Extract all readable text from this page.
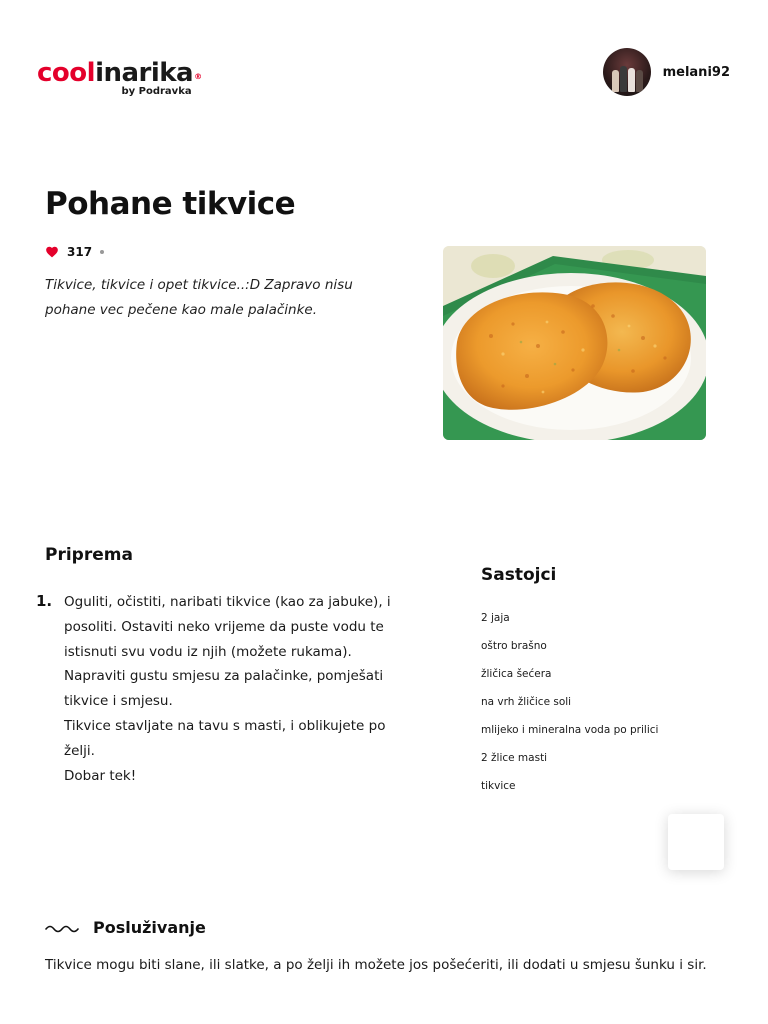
coolinarika®
by Podravka
melani92
Pohane tikvice
317

Tikvice, tikvice i opet tikvice..:D Zapravo nisu pohane vec pečene kao male palačinke.

Priprema
1. Oguliti, očistiti, naribati tikvice (kao za jabuke), i posoliti. Ostaviti neko vrijeme da puste vodu te istisnuti svu vodu iz njih (možete rukama).
Napraviti gustu smjesu za palačinke, pomješati tikvice i smjesu.
Tikvice stavljate na tavu s masti, i oblikujete po želji.
Dobar tek!
Sastojci
2 jaja
oštro brašno
žličica šećera
na vrh žličice soli
mlijeko i mineralna voda po prilici
2 žlice masti
tikvice
Posluživanje

Tikvice mogu biti slane, ili slatke, a po želji ih možete jos pošećeriti, ili dodati u smjesu šunku i sir.
